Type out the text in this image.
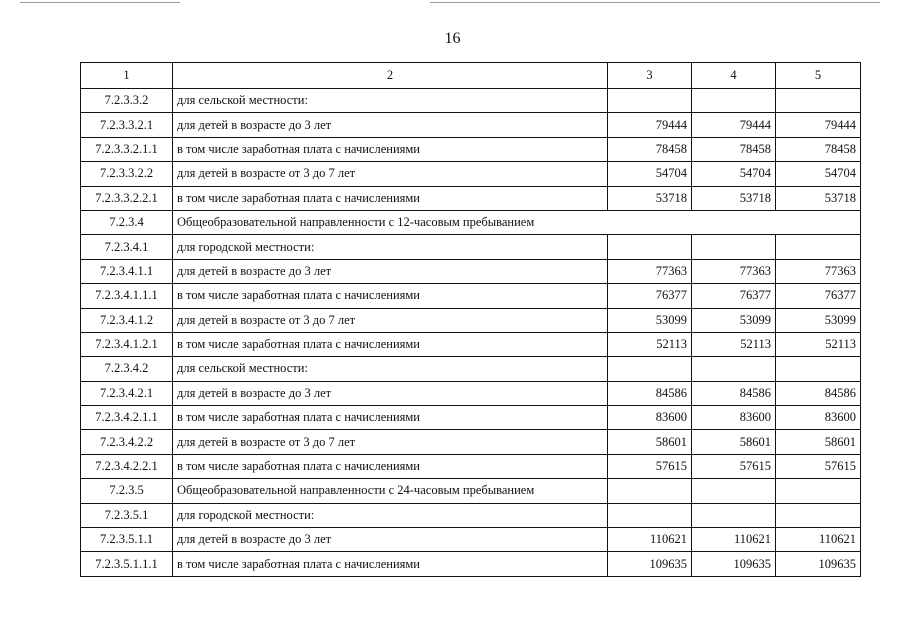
16
1	2	3	4	5
7.2.3.3.2	для сельской местности:			
7.2.3.3.2.1	для детей в возрасте до 3 лет	79444	79444	79444
7.2.3.3.2.1.1	в том числе заработная плата с начислениями	78458	78458	78458
7.2.3.3.2.2	для детей в возрасте от 3 до 7 лет	54704	54704	54704
7.2.3.3.2.2.1	в том числе заработная плата с начислениями	53718	53718	53718
7.2.3.4	Общеобразовательной направленности с 12-часовым пребыванием			
7.2.3.4.1	для городской местности:			
7.2.3.4.1.1	для детей в возрасте до 3 лет	77363	77363	77363
7.2.3.4.1.1.1	в том числе заработная плата с начислениями	76377	76377	76377
7.2.3.4.1.2	для детей в возрасте от 3 до 7 лет	53099	53099	53099
7.2.3.4.1.2.1	в том числе заработная плата с начислениями	52113	52113	52113
7.2.3.4.2	для сельской местности:			
7.2.3.4.2.1	для детей в возрасте до 3 лет	84586	84586	84586
7.2.3.4.2.1.1	в том числе заработная плата с начислениями	83600	83600	83600
7.2.3.4.2.2	для детей в возрасте от 3 до 7 лет	58601	58601	58601
7.2.3.4.2.2.1	в том числе заработная плата с начислениями	57615	57615	57615
7.2.3.5	Общеобразовательной направленности с 24-часовым пребыванием			
7.2.3.5.1	для городской местности:			
7.2.3.5.1.1	для детей в возрасте до 3 лет	110621	110621	110621
7.2.3.5.1.1.1	в том числе заработная плата с начислениями	109635	109635	109635
